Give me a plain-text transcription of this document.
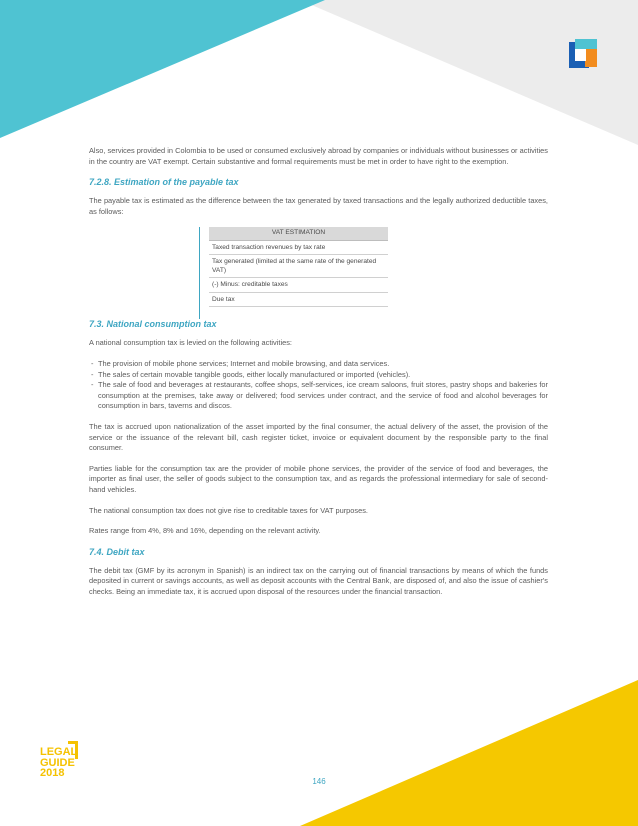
Also, services provided in Colombia to be used or consumed exclusively abroad by companies or individuals without businesses or activities in the country are VAT exempt. Certain substantive and formal requirements must be met in order to have right to the exemption.

7.2.8. Estimation of the payable tax

The payable tax is estimated as the difference between the tax generated by taxed transactions and the legally authorized deductible taxes, as follows:

VAT ESTIMATION
Taxed transaction revenues by tax rate
Tax generated (limited at the same rate of the generated VAT)
(-) Minus: creditable taxes
Due tax
7.3. National consumption tax

A national consumption tax is levied on the following activities:

- The provision of mobile phone services; Internet and mobile browsing, and data services.
- The sales of certain movable tangible goods, either locally manufactured or imported (vehicles).
- The sale of food and beverages at restaurants, coffee shops, self-services, ice cream saloons, fruit stores, pastry shops and bakeries for consumption at the premises, take away or delivered; food services under contract, and the service of food and alcohol beverages for consumption in bars, taverns and discos.

The tax is accrued upon nationalization of the asset imported by the final consumer, the actual delivery of the asset, the provision of the service or the issuance of the relevant bill, cash register ticket, invoice or equivalent document by the responsible party to the final consumer.

Parties liable for the consumption tax are the provider of mobile phone services, the provider of the service of food and beverages, the importer as final user, the seller of goods subject to the consumption tax, and as regards the professional intermediary for sale of second-hand vehicles.

The national consumption tax does not give rise to creditable taxes for VAT purposes.

Rates range from 4%, 8% and 16%, depending on the relevant activity.

7.4. Debit tax

The debit tax (GMF by its acronym in Spanish) is an indirect tax on the carrying out of financial transactions by means of which the funds deposited in current or savings accounts, as well as deposit accounts with the Central Bank, are disposed of, and also the issue of cashier's checks. Being an immediate tax, it is accrued upon disposal of the resources under the financial transaction.

LEGAL
GUIDE
2018
146
